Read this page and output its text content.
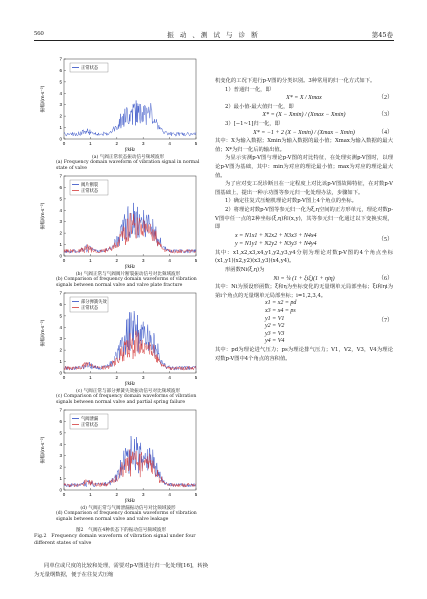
560	振 动 、测 试 与 诊 断	第45卷
0
1
2
3
4
5
6
7
0	1	2	3	4	5
f/kHz
振幅/(m·s⁻²)
正常状态
(a) 气阀正常状态振动信号频域波形
(a) Frequency domain waveform of vibration signal in normal state of valve
0
1
2
3
4
5
6
7
0	1	2	3	4	5
f/kHz
振幅/(m·s⁻²)
阀片断裂
正常状态
(b) 气阀正常与气阀阀片断裂振动信号对比频域波形
(b) Comparison of frequency domain waveforms of vibration signals between normal valve and valve plate fracture
0
1
2
3
4
5
6
7
0	1	2	3	4	5
f/kHz
振幅/(m·s⁻²)
部分弹簧失效
正常状态
(c) 气阀正常与部分弹簧失效振动信号对比频域波形
(c) Comparison of frequency domain waveforms of vibration signals between normal valve and partial spring failure
0
1
2
3
4
5
6
7
0	1	2	3	4	5
f/kHz
振幅/(m·s⁻²)
气阀泄漏
正常状态
(d) 气阀正常与气阀泄漏振动信号对比频域波形
(d) Comparison of frequency domain waveforms of vibration signals between normal valve and valve leakage
图2　气阀在4种状态下的振动信号频域波形
Fig.2　Frequency domain waveform of vibration signal under four different states of valve
同单位或尺度的比较和处理，需要对p-V图进行归一化处理[16]，转换为无量纲数据，便于在往复式压缩

机变化的工况下进行p-V图的分类识别。3种常用的归一化方式如下。

1）普通归一化，即

X* = X / Xmax	（2）

2）最小值-最大值归一化，即

X* = (X − Xmin) / (Xmax − Xmin)	（3）

3）[−1~1]归一化，即

X* = −1 + 2 (X − Xmin) / (Xmax − Xmin)	（4）

其中：X为输入数据；Xmin为输入数据的最小值；Xmax为输入数据的最大值；X*为归一化后的输出值。

为显示实测p-V图与理论p-V图的对比特征，在处理实测p-V图时，以理论p-V图为基础，其中：min为对应的理论最小值；max为对应的理论最大值。

为了应对变工况诊断且在一定程度上对比该p-V图故障特征，在对数p-V图基础上，提出一种示功图等参元归一化处理办法，步骤如下。

1）确定往复式压缩机理论对数p-V图上4个角点的坐标。

2）将理论对数p-V图等参元归一化为ξ,η空间的正方形单元，理论对数p-V图中任一点的2种坐标(ξ,η)和(x,y)，其等参元归一化通过以下变换实现，即

x = N1x1 + N2x2 + N3x3 + N4x4
y = N1y1 + N2y2 + N3y3 + N4y4
（5）

其中：x1,x2,x3,x4,y1,y2,y3,y4分别为理论对数p-V图的4个角点坐标(x1,y1)(x2,y2)(x3,y3)(x4,y4)。

形函数Ni(ξ,η)为

Ni = ¼ (1 + ξiξ)(1 + ηiη)	（6）

其中：Ni为预设形函数；ξ和η为坐标变化的无量纲单元局部坐标；ξi和ηi为第i个角点的无量纲单元局部坐标；i=1,2,3,4。

x1 = x2 = pd
x3 = x4 = ps
y1 = V1
y2 = V2
y3 = V3
y4 = V4
（7）

其中：pd为理论进气压力；ps为理论排气压力；V1，V2，V3，V4为理论对数p-V图中4个角点的容积值。
